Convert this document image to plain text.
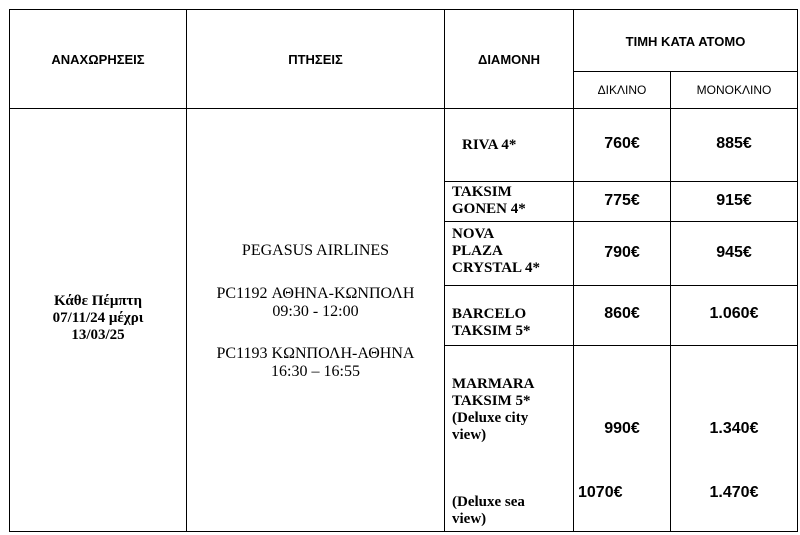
ΑΝΑΧΩΡΗΣΕΙΣ	ΠΤΗΣΕΙΣ	ΔΙΑΜΟΝΗ
ΤΙΜΗ ΚΑΤΑ ΑΤΟΜΟ
ΔΙΚΛΙΝΟ	ΜΟΝΟΚΛΙΝΟ
Κάθε Πέμπτη
07/11/24 μέχρι
13/03/25
PEGASUS AIRLINES
PC1192 ΑΘΗΝΑ-ΚΩΝΠΟΛΗ
09:30 - 12:00
PC1193 ΚΩΝΠΟΛΗ-ΑΘΗΝΑ
16:30 – 16:55
RIVA 4*	760€	885€
TAKSIM
GONEN 4*	775€	915€
NOVA
PLAZA
CRYSTAL 4*
790€	945€
BARCELO
TAKSIM 5*
860€	1.060€
MARMARA
TAKSIM 5*
(Deluxe city
view)	990€	1.340€
(Deluxe sea
view)
1070€	1.470€
